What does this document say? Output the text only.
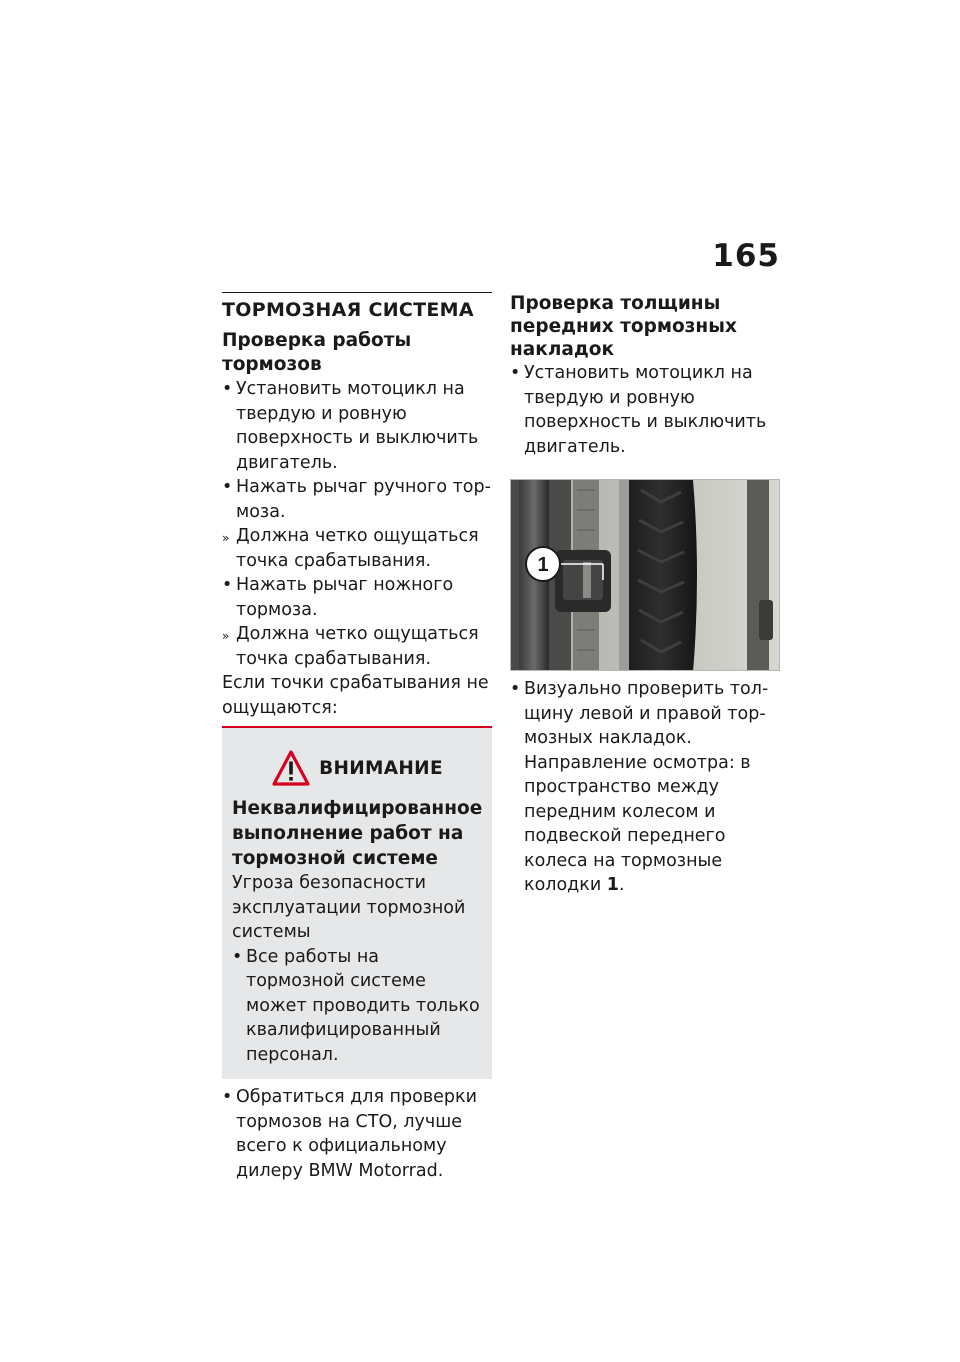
165
ТОРМОЗНАЯ СИСТЕМА
Проверка работы тормозов
• Установить мотоцикл на твердую и ровную поверхность и выключить двигатель.
• Нажать рычаг ручного тормоза.
» Должна четко ощущаться точка срабатывания.
• Нажать рычаг ножного тормоза.
» Должна четко ощущаться точка срабатывания.
Если точки срабатывания не ощущаются:
ВНИМАНИЕ
Неквалифицированное выполнение работ на тормозной системе
Угроза безопасности эксплуатации тормозной системы
• Все работы на тормозной системе может проводить только квалифицированный персонал.
• Обратиться для проверки тормозов на СТО, лучше всего к официальному дилеру BMW Motorrad.
Проверка толщины передних тормозных накладок
• Установить мотоцикл на твердую и ровную поверхность и выключить двигатель.
1
• Визуально проверить толщину левой и правой тормозных накладок. Направление осмотра: в пространство между передним колесом и подвеской переднего колеса на тормозные колодки 1.
